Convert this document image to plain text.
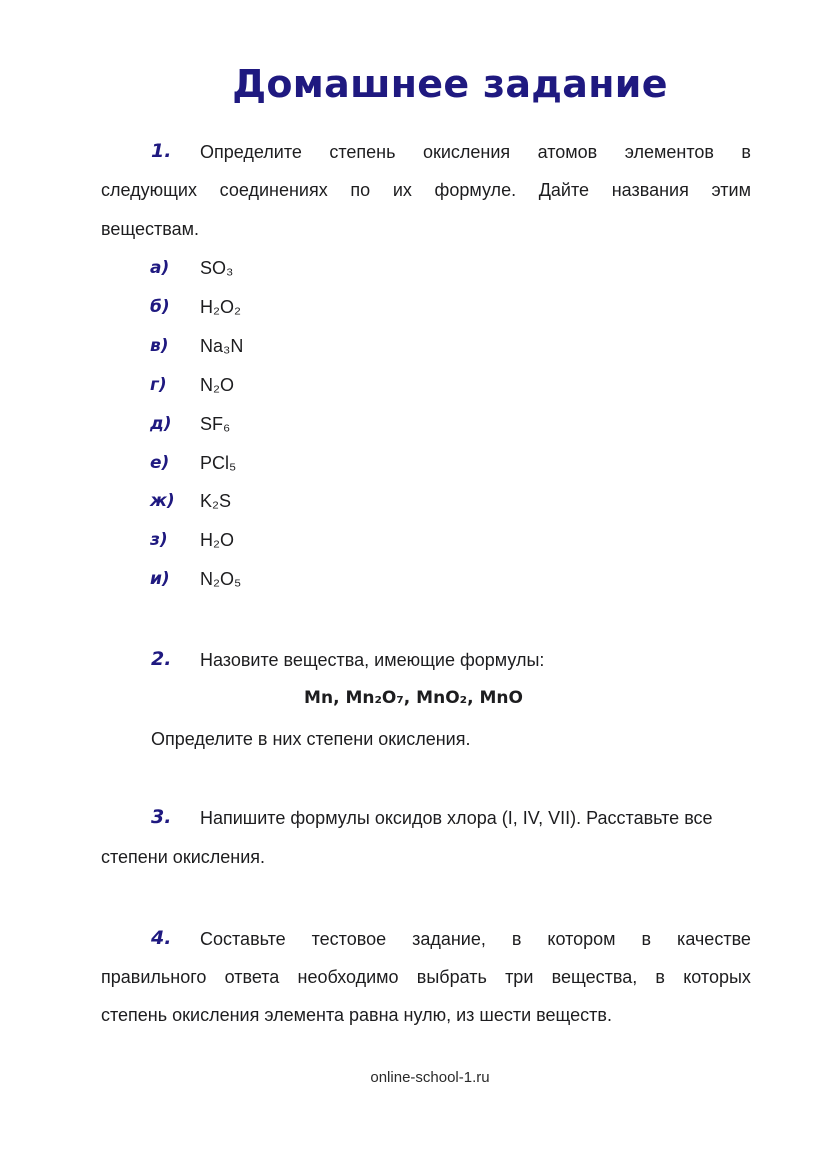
Домашнее задание
1. Определите степень окисления атомов элементов в
следующих соединениях по их формуле. Дайте названия этим
веществам.
а) SO₃
б) H₂O₂
в) Na₃N
г) N₂O
д) SF₆
е) PCl₅
ж) K₂S
з) H₂O
и) N₂O₅
2. Назовите вещества, имеющие формулы:
Mn, Mn₂O₇, MnO₂, MnO
Определите в них степени окисления.
3. Напишите формулы оксидов хлора (I, IV, VII). Расставьте все
степени окисления.
4. Составьте тестовое задание, в котором в качестве
правильного ответа необходимо выбрать три вещества, в которых
степень окисления элемента равна нулю, из шести веществ.
online-school-1.ru
